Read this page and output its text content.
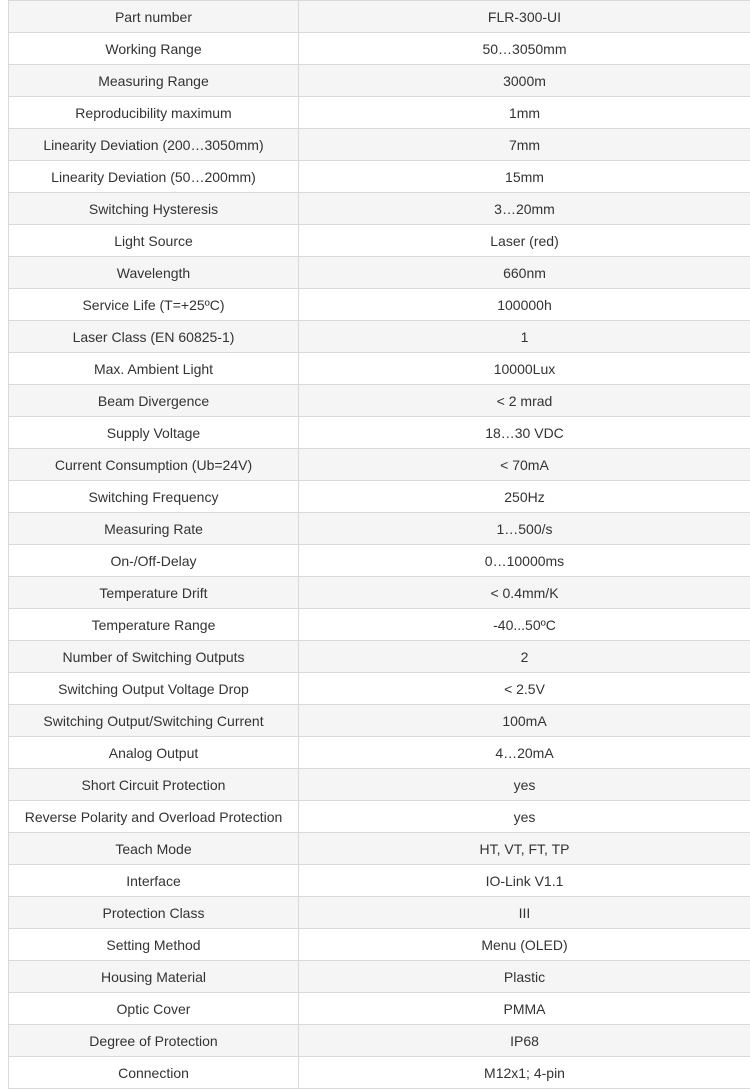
Part number	FLR-300-UI
Working Range	50…3050mm
Measuring Range	3000m
Reproducibility maximum	1mm
Linearity Deviation (200…3050mm)	7mm
Linearity Deviation (50…200mm)	15mm
Switching Hysteresis	3…20mm
Light Source	Laser (red)
Wavelength	660nm
Service Life (T=+25ºC)	100000h
Laser Class (EN 60825-1)	1
Max. Ambient Light	10000Lux
Beam Divergence	< 2 mrad
Supply Voltage	18…30 VDC
Current Consumption (Ub=24V)	< 70mA
Switching Frequency	250Hz
Measuring Rate	1…500/s
On-/Off-Delay	0…10000ms
Temperature Drift	< 0.4mm/K
Temperature Range	-40...50ºC
Number of Switching Outputs	2
Switching Output Voltage Drop	< 2.5V
Switching Output/Switching Current	100mA
Analog Output	4…20mA
Short Circuit Protection	yes
Reverse Polarity and Overload Protection	yes
Teach Mode	HT, VT, FT, TP
Interface	IO-Link V1.1
Protection Class	III
Setting Method	Menu (OLED)
Housing Material	Plastic
Optic Cover	PMMA
Degree of Protection	IP68
Connection	M12x1; 4-pin
